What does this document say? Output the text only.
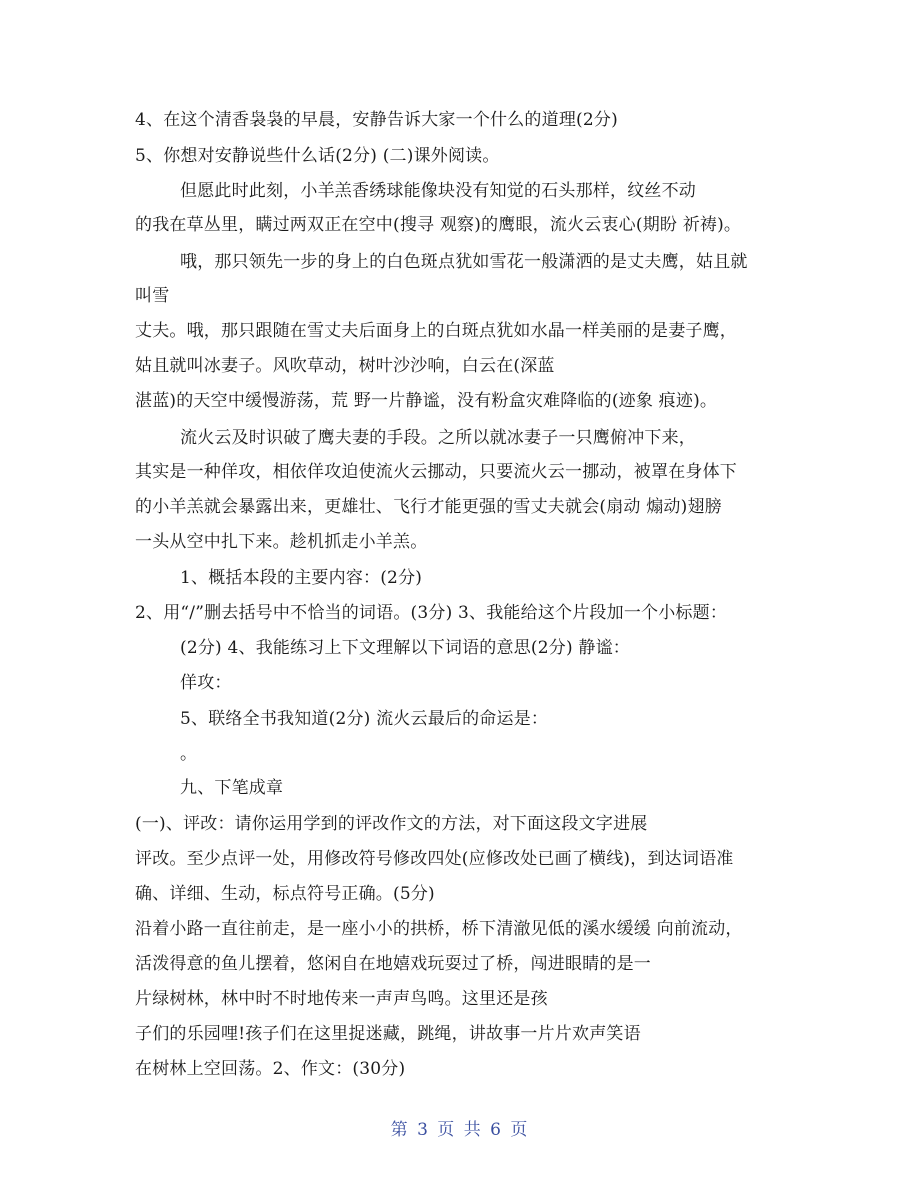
4、在这个清香袅袅的早晨，安静告诉大家一个什么的道理(2分)
5、你想对安静说些什么话(2分) (二)课外阅读。
但愿此时此刻，小羊羔香绣球能像块没有知觉的石头那样，纹丝不动
的我在草丛里，瞒过两双正在空中(搜寻 观察)的鹰眼，流火云衷心(期盼 祈祷)。
哦，那只领先一步的身上的白色斑点犹如雪花一般潇洒的是丈夫鹰，姑且就
叫雪
丈夫。哦，那只跟随在雪丈夫后面身上的白斑点犹如水晶一样美丽的是妻子鹰，
姑且就叫冰妻子。风吹草动，树叶沙沙响，白云在(深蓝
湛蓝)的天空中缓慢游荡，荒 野一片静谧，没有粉盒灾难降临的(迹象 痕迹)。
流火云及时识破了鹰夫妻的手段。之所以就冰妻子一只鹰俯冲下来，
其实是一种佯攻，相依佯攻迫使流火云挪动，只要流火云一挪动，被罩在身体下
的小羊羔就会暴露出来，更雄壮、飞行才能更强的雪丈夫就会(扇动 煽动)翅膀
一头从空中扎下来。趁机抓走小羊羔。
1、概括本段的主要内容：(2分)
2、用“/”删去括号中不恰当的词语。(3分) 3、我能给这个片段加一个小标题：
(2分) 4、我能练习上下文理解以下词语的意思(2分) 静谧：
佯攻：
5、联络全书我知道(2分) 流火云最后的命运是：
。
九、下笔成章
(一)、评改：请你运用学到的评改作文的方法，对下面这段文字进展
评改。至少点评一处，用修改符号修改四处(应修改处已画了横线)，到达词语准
确、详细、生动，标点符号正确。(5分)
沿着小路一直往前走，是一座小小的拱桥，桥下清澈见低的溪水缓缓 向前流动，
活泼得意的鱼儿摆着，悠闲自在地嬉戏玩耍过了桥，闯进眼睛的是一
片绿树林，林中时不时地传来一声声鸟鸣。这里还是孩
子们的乐园哩!孩子们在这里捉迷藏，跳绳，讲故事一片片欢声笑语
在树林上空回荡。2、作文：(30分)
第 3 页 共 6 页
